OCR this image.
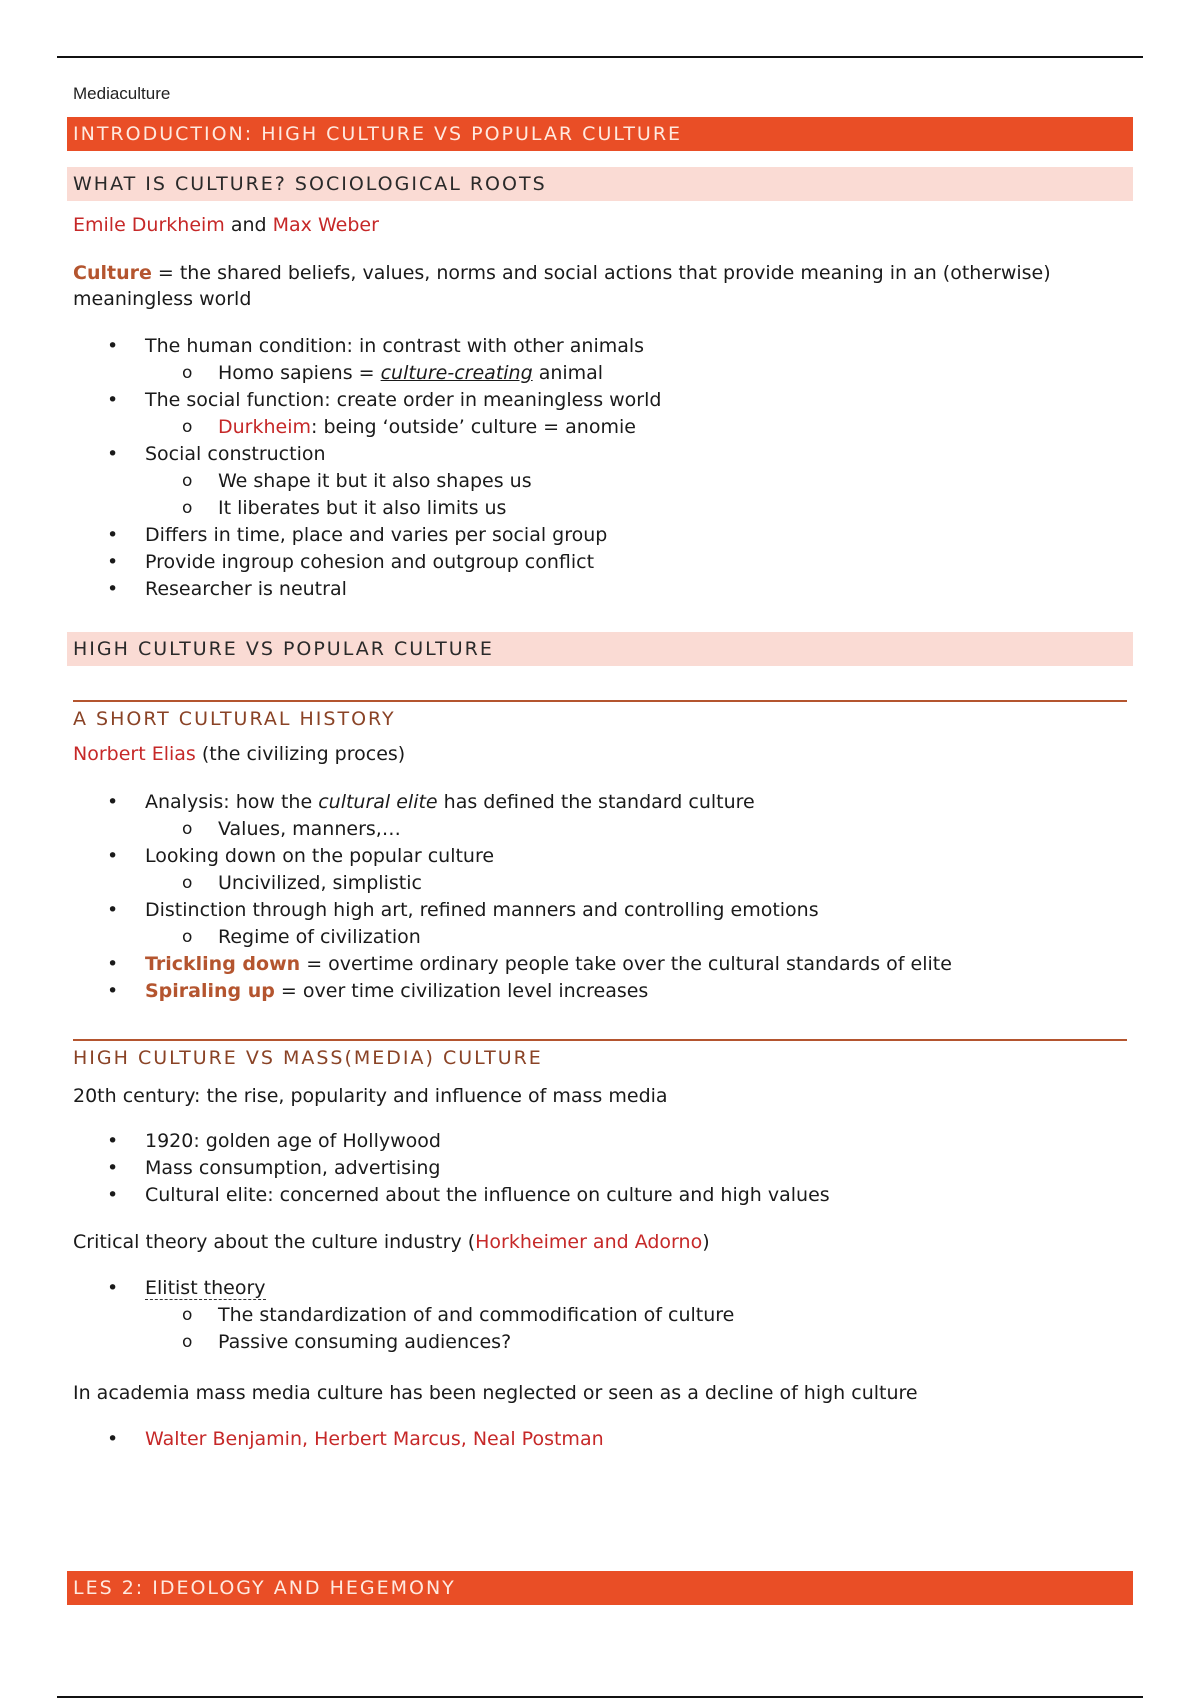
Mediaculture
INTRODUCTION: HIGH CULTURE VS POPULAR CULTURE
WHAT IS CULTURE? SOCIOLOGICAL ROOTS
Emile Durkheim and Max Weber
Culture = the shared beliefs, values, norms and social actions that provide meaning in an (otherwise) meaningless world
• The human condition: in contrast with other animals
o Homo sapiens = culture-creating animal
• The social function: create order in meaningless world
o Durkheim: being ‘outside’ culture = anomie
• Social construction
o We shape it but it also shapes us
o It liberates but it also limits us
• Differs in time, place and varies per social group
• Provide ingroup cohesion and outgroup conflict
• Researcher is neutral
HIGH CULTURE VS POPULAR CULTURE
A SHORT CULTURAL HISTORY
Norbert Elias (the civilizing proces)
• Analysis: how the cultural elite has defined the standard culture
o Values, manners,…
• Looking down on the popular culture
o Uncivilized, simplistic
• Distinction through high art, refined manners and controlling emotions
o Regime of civilization
• Trickling down = overtime ordinary people take over the cultural standards of elite
• Spiraling up = over time civilization level increases
HIGH CULTURE VS MASS(MEDIA) CULTURE
20th century: the rise, popularity and influence of mass media
• 1920: golden age of Hollywood
• Mass consumption, advertising
• Cultural elite: concerned about the influence on culture and high values
Critical theory about the culture industry (Horkheimer and Adorno)
• Elitist theory
o The standardization of and commodification of culture
o Passive consuming audiences?
In academia mass media culture has been neglected or seen as a decline of high culture
• Walter Benjamin, Herbert Marcus, Neal Postman
LES 2: IDEOLOGY AND HEGEMONY
